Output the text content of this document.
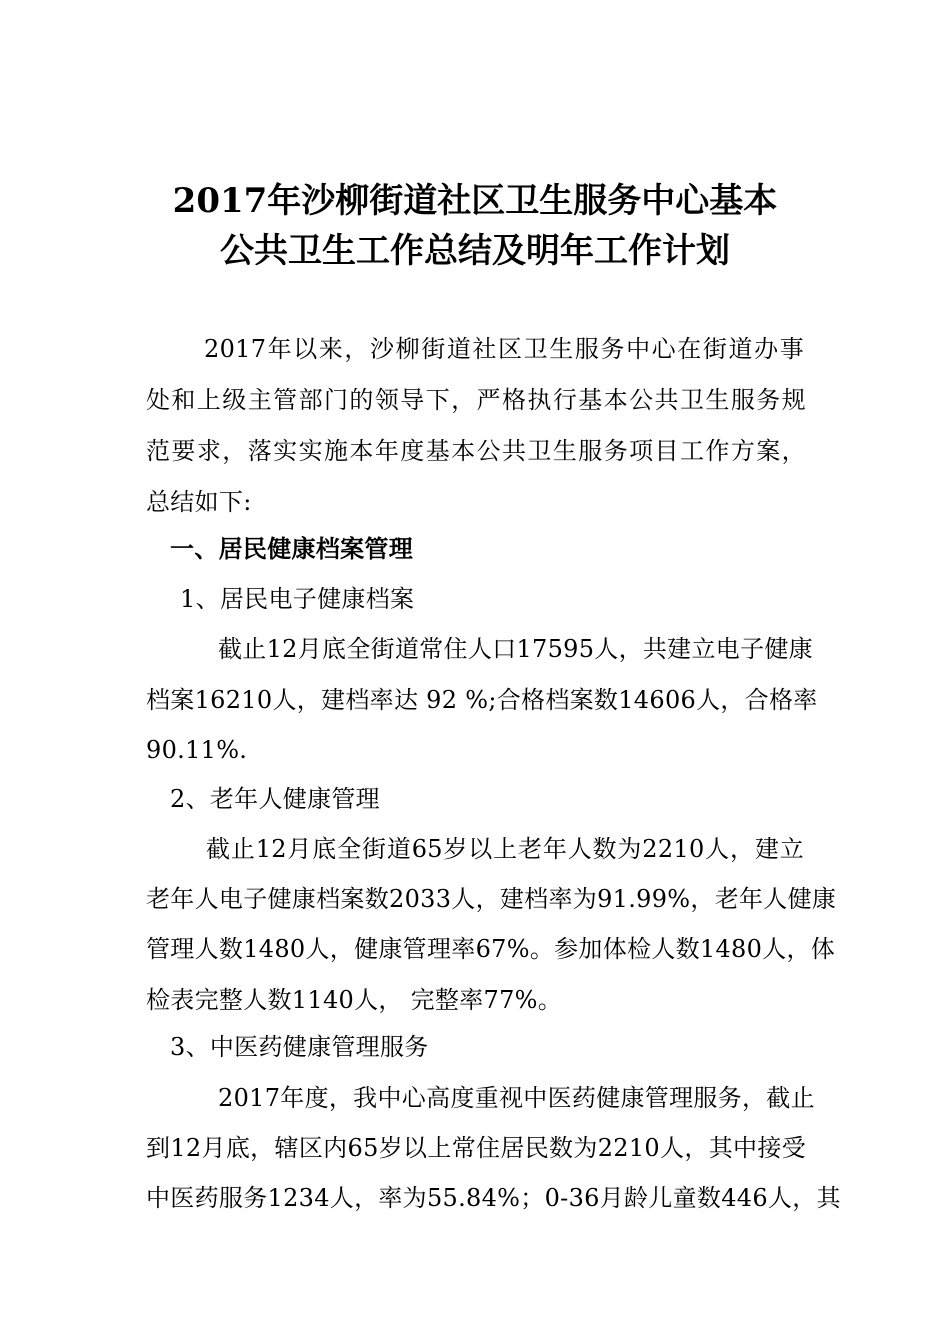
2017年沙柳街道社区卫生服务中心基本
公共卫生工作总结及明年工作计划
2017年以来，沙柳街道社区卫生服务中心在街道办事
处和上级主管部门的领导下，严格执行基本公共卫生服务规
范要求，落实实施本年度基本公共卫生服务项目工作方案，
总结如下:
一、居民健康档案管理
1、居民电子健康档案
截止12月底全街道常住人口17595人，共建立电子健康
档案16210人，建档率达 92 %;合格档案数14606人，合格率
90.11%.
2、老年人健康管理
截止12月底全街道65岁以上老年人数为2210人，建立
老年人电子健康档案数2033人，建档率为91.99%，老年人健康
管理人数1480人，健康管理率67%。参加体检人数1480人，体
检表完整人数1140人， 完整率77%。
3、中医药健康管理服务
2017年度，我中心高度重视中医药健康管理服务，截止
到12月底，辖区内65岁以上常住居民数为2210人，其中接受
中医药服务1234人，率为55.84%；0-36月龄儿童数446人，其
